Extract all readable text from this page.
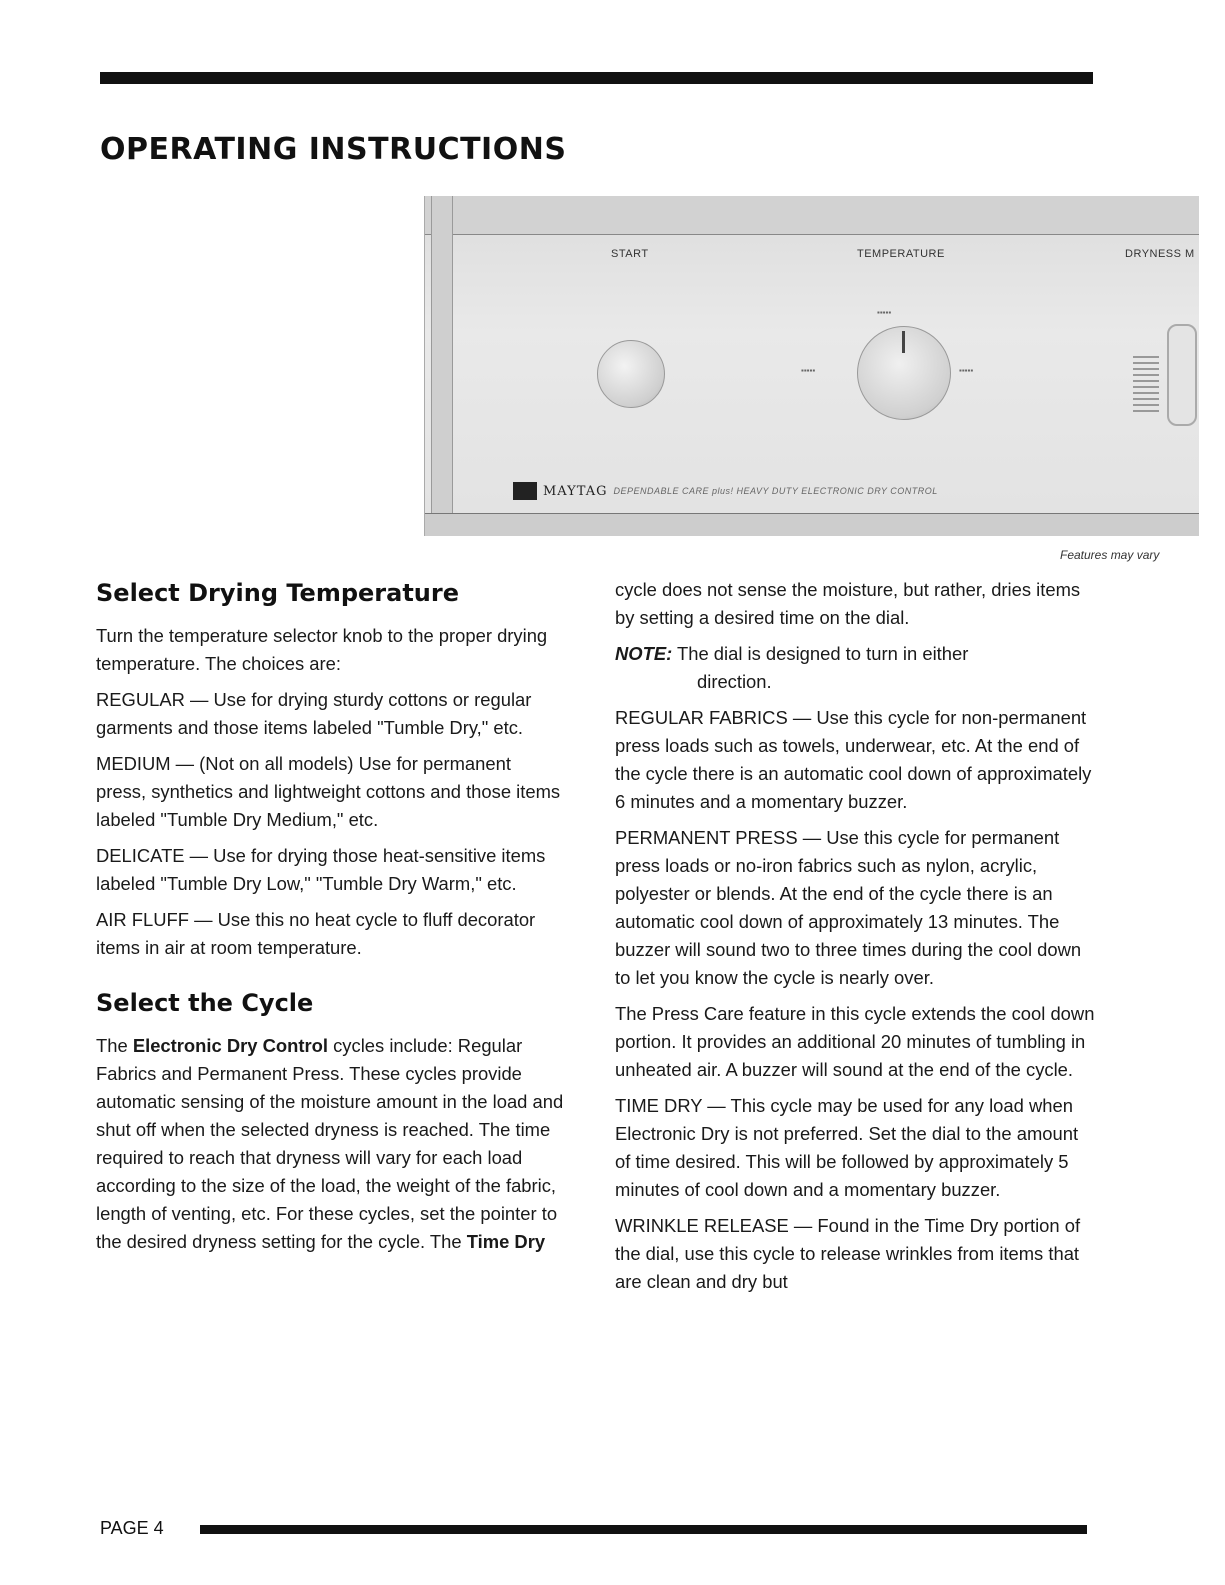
OPERATING INSTRUCTIONS
START	TEMPERATURE	DRYNESS M
▪▪▪▪▪
▪▪▪▪▪	▪▪▪▪▪
MAYTAG DEPENDABLE CARE plus! HEAVY DUTY ELECTRONIC DRY CONTROL
Features may vary
Select Drying Temperature

Turn the temperature selector knob to the proper drying temperature. The choices are:

REGULAR — Use for drying sturdy cottons or regular garments and those items labeled "Tumble Dry," etc.

MEDIUM — (Not on all models) Use for permanent press, synthetics and lightweight cottons and those items labeled "Tumble Dry Medium," etc.

DELICATE — Use for drying those heat-sensitive items labeled "Tumble Dry Low," "Tumble Dry Warm," etc.

AIR FLUFF — Use this no heat cycle to fluff decorator items in air at room temperature.

Select the Cycle

The Electronic Dry Control cycles include: Regular Fabrics and Permanent Press. These cycles provide automatic sensing of the moisture amount in the load and shut off when the selected dryness is reached. The time required to reach that dryness will vary for each load according to the size of the load, the weight of the fabric, length of venting, etc. For these cycles, set the pointer to the desired dryness setting for the cycle. The Time Dry

cycle does not sense the moisture, but rather, dries items by setting a desired time on the dial.

NOTE: The dial is designed to turn in either
direction.

REGULAR FABRICS — Use this cycle for non-permanent press loads such as towels, underwear, etc. At the end of the cycle there is an automatic cool down of approximately 6 minutes and a momentary buzzer.

PERMANENT PRESS — Use this cycle for permanent press loads or no-iron fabrics such as nylon, acrylic, polyester or blends. At the end of the cycle there is an automatic cool down of approximately 13 minutes. The buzzer will sound two to three times during the cool down to let you know the cycle is nearly over.

The Press Care feature in this cycle extends the cool down portion. It provides an additional 20 minutes of tumbling in unheated air. A buzzer will sound at the end of the cycle.

TIME DRY — This cycle may be used for any load when Electronic Dry is not preferred. Set the dial to the amount of time desired. This will be followed by approximately 5 minutes of cool down and a momentary buzzer.

WRINKLE RELEASE — Found in the Time Dry portion of the dial, use this cycle to release wrinkles from items that are clean and dry but

PAGE 4
